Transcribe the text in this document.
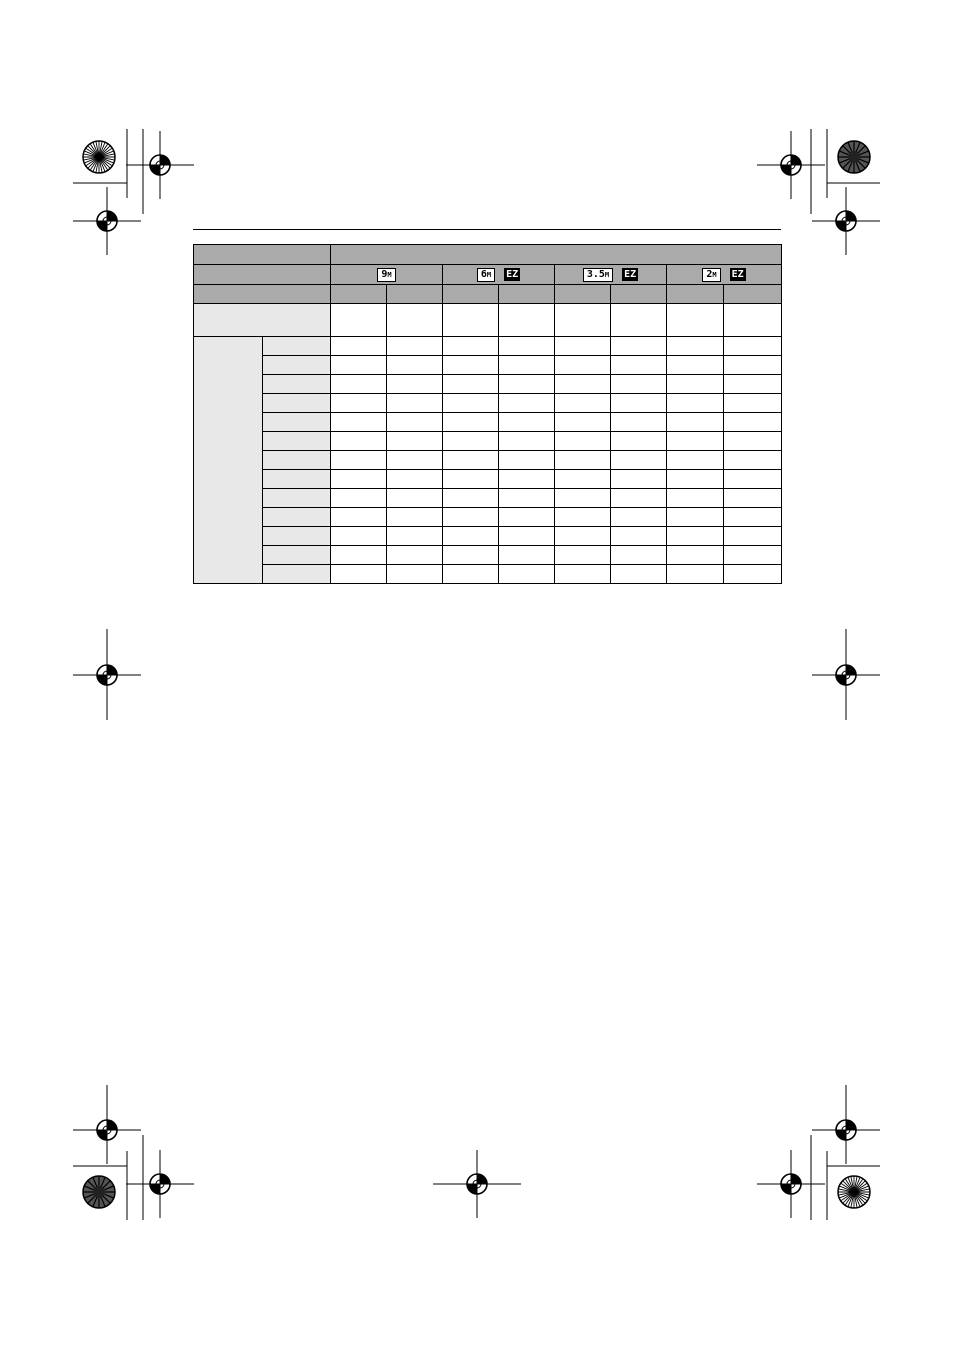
		9M		6M EZ		3.5M EZ		2M EZ	
